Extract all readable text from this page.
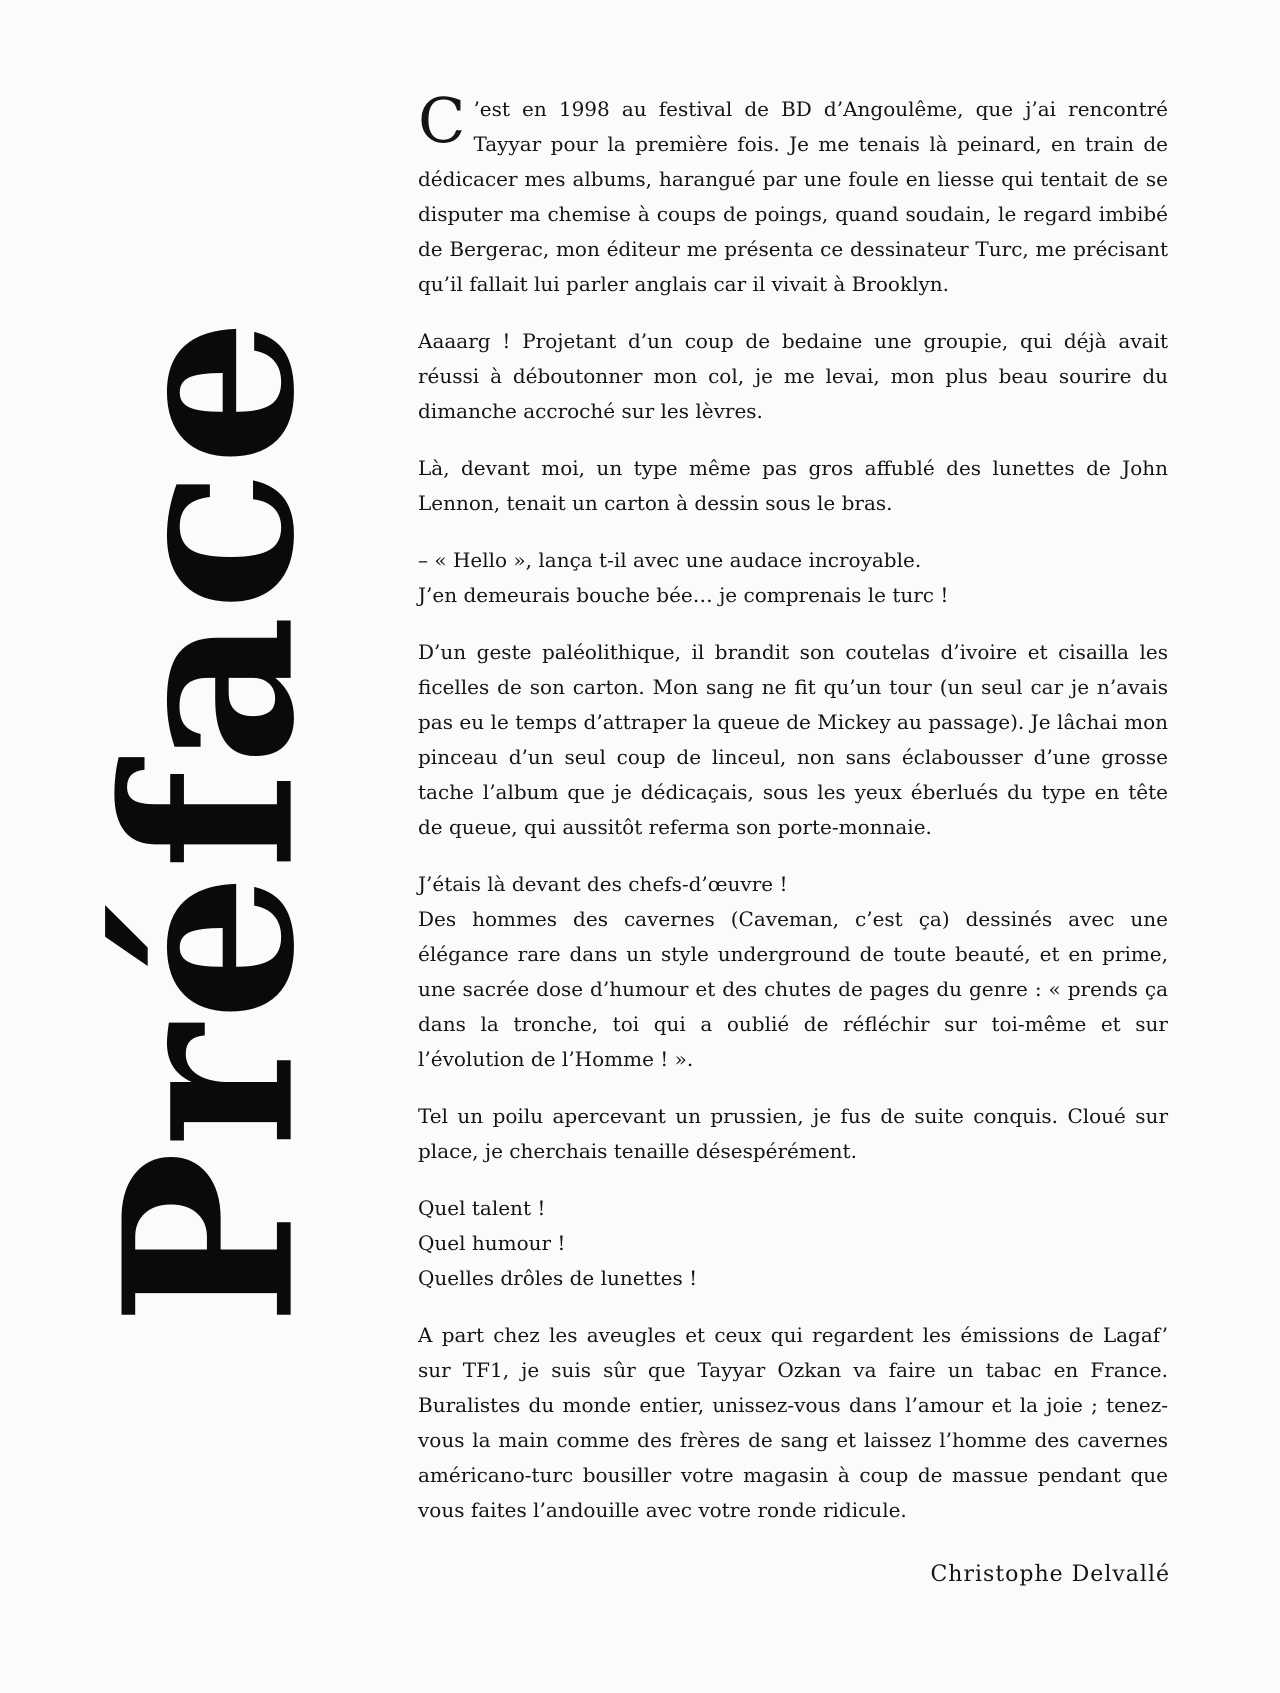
Préface

C ’est en 1998 au festival de BD d’Angoulême, que j’ai rencontré Tayyar pour la première fois. Je me tenais là peinard, en train de dédicacer mes albums, harangué par une foule en liesse qui tentait de se disputer ma chemise à coups de poings, quand soudain, le regard imbibé de Bergerac, mon éditeur me présenta ce dessinateur Turc, me précisant qu’il fallait lui parler anglais car il vivait à Brooklyn.

Aaaarg ! Projetant d’un coup de bedaine une groupie, qui déjà avait réussi à déboutonner mon col, je me levai, mon plus beau sourire du dimanche accroché sur les lèvres.

Là, devant moi, un type même pas gros affublé des lunettes de John Lennon, tenait un carton à dessin sous le bras.

– « Hello », lança t-il avec une audace incroyable.
J’en demeurais bouche bée… je comprenais le turc !

D’un geste paléolithique, il brandit son coutelas d’ivoire et cisailla les ficelles de son carton. Mon sang ne fit qu’un tour (un seul car je n’avais pas eu le temps d’attraper la queue de Mickey au passage). Je lâchai mon pinceau d’un seul coup de linceul, non sans éclabousser d’une grosse tache l’album que je dédicaçais, sous les yeux éberlués du type en tête de queue, qui aussitôt referma son porte-monnaie.

J’étais là devant des chefs-d’œuvre !
Des hommes des cavernes (Caveman, c’est ça) dessinés avec une élégance rare dans un style underground de toute beauté, et en prime, une sacrée dose d’humour et des chutes de pages du genre : « prends ça dans la tronche, toi qui a oublié de réfléchir sur toi-même et sur l’évolution de l’Homme ! ».

Tel un poilu apercevant un prussien, je fus de suite conquis. Cloué sur place, je cherchais tenaille désespérément.

Quel talent !
Quel humour !
Quelles drôles de lunettes !

A part chez les aveugles et ceux qui regardent les émissions de Lagaf’ sur TF1, je suis sûr que Tayyar Ozkan va faire un tabac en France. Buralistes du monde entier, unissez-vous dans l’amour et la joie ; tenez-vous la main comme des frères de sang et laissez l’homme des cavernes américano-turc bousiller votre magasin à coup de massue pendant que vous faites l’andouille avec votre ronde ridicule.

Christophe Delvallé
